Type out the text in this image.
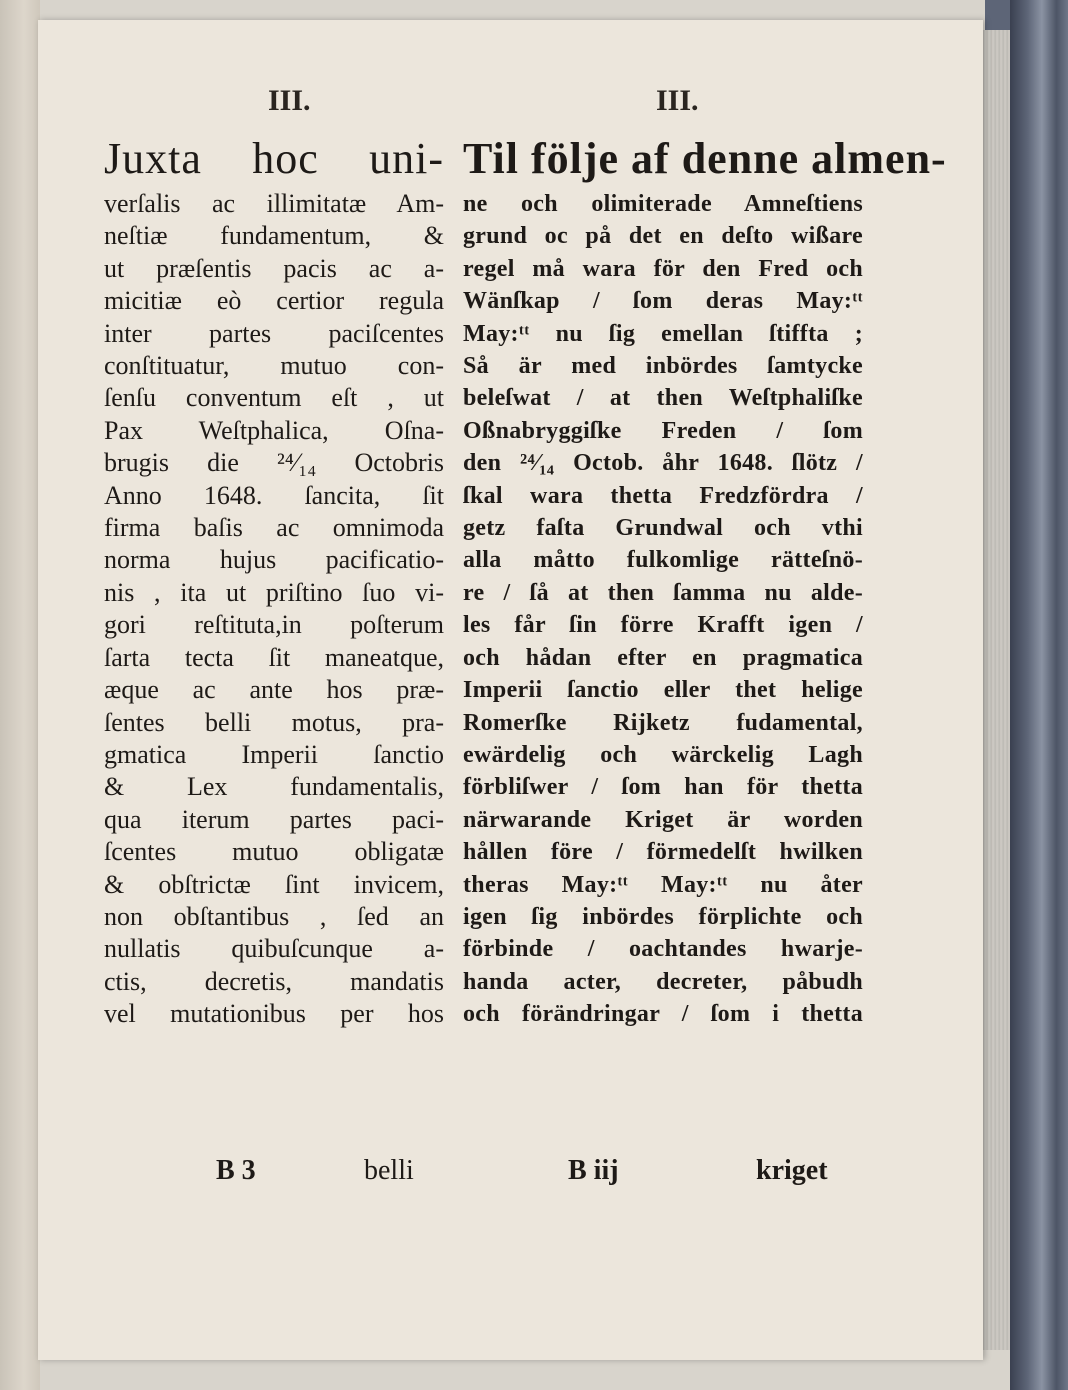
III.	III.
Juxta hoc uni-
verſalis ac illimitatæ Am-
neſtiæ fundamentum, &
ut præſentis pacis ac a-
micitiæ eò certior regula
inter partes paciſcentes
conſtituatur, mutuo con-
ſenſu conventum eſt , ut
Pax Weſtphalica, Oſna-
brugis die ²⁴⁄₁₄ Octobris
Anno 1648. ſancita, ſit
firma baſis ac omnimoda
norma hujus pacificatio-
nis , ita ut priſtino ſuo vi-
gori reſtituta,in poſterum
ſarta tecta ſit maneatque,
æque ac ante hos præ-
ſentes belli motus, pra-
gmatica Imperii ſanctio
& Lex fundamentalis,
qua iterum partes paci-
ſcentes mutuo obligatæ
& obſtrictæ ſint invicem,
non obſtantibus , ſed an
nullatis quibuſcunque a-
ctis, decretis, mandatis
vel mutationibus per hos
Til följe af denne almen-
ne och olimiterade Amneſtiens
grund oc på det en deſto wißare
regel må wara för den Fred och
Wänſkap / ſom deras May:ᵗᵗ
May:ᵗᵗ nu ſig emellan ſtiffta ;
Så är med inbördes ſamtycke
beleſwat / at then Weſtphaliſke
Oßnabryggiſke Freden / ſom
den ²⁴⁄₁₄ Octob. åhr 1648. ſlötz /
ſkal wara thetta Fredzfördra /
getz faſta Grundwal och vthi
alla måtto fulkomlige rätteſnö-
re / ſå at then ſamma nu alde-
les får ſin förre Krafft igen /
och hådan efter en pragmatica
Imperii ſanctio eller thet helige
Romerſke Rijketz fudamental,
ewärdelig och wärckelig Lagh
förbliſwer / ſom han för thetta
närwarande Kriget är worden
hållen före / förmedelſt hwilken
theras May:ᵗᵗ May:ᵗᵗ nu åter
igen ſig inbördes förplichte och
förbinde / oachtandes hwarje-
handa acter, decreter, påbudh
och förändringar / ſom i thetta
B 3	belli	B iij	kriget
